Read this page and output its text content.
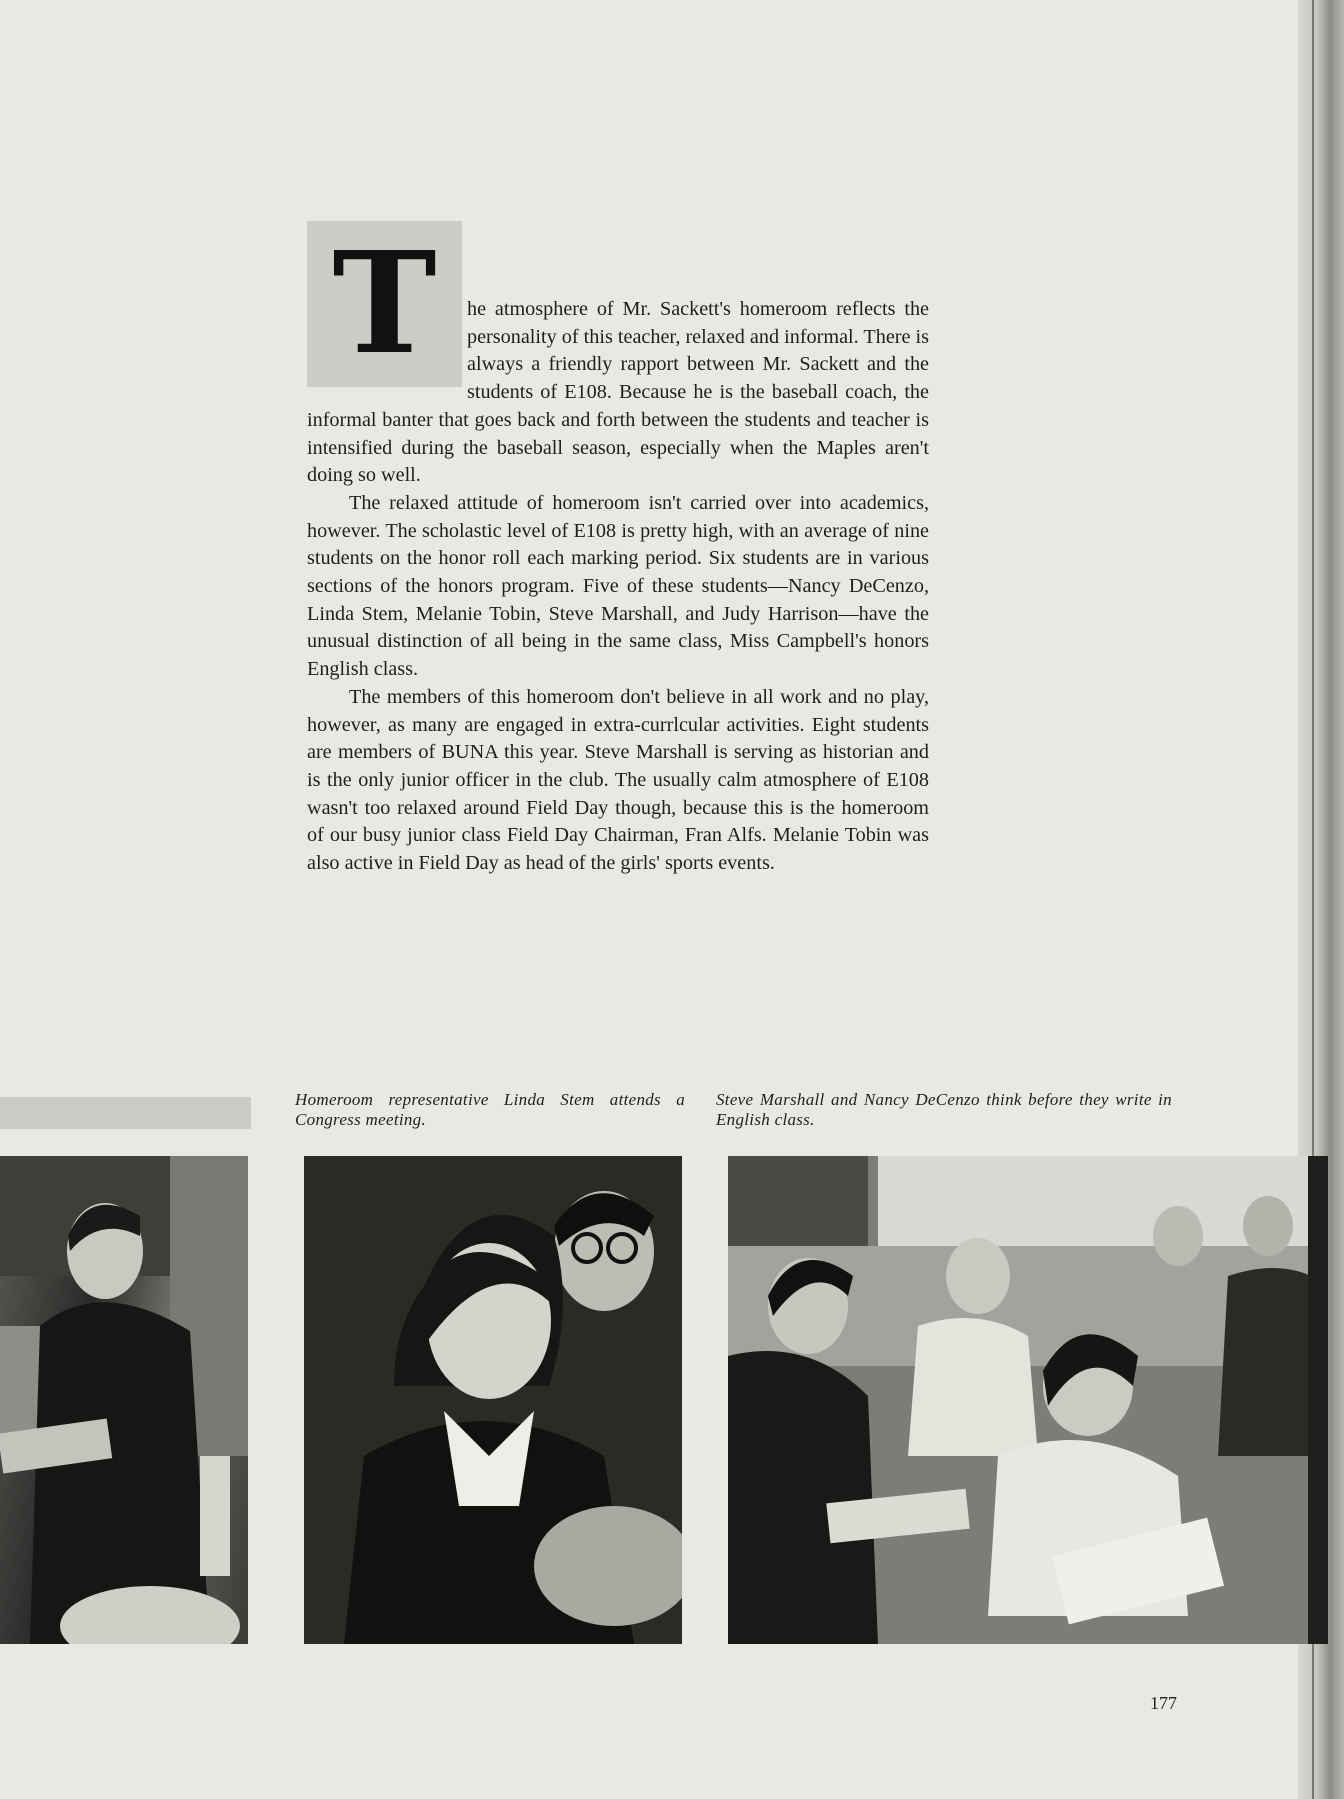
T	he atmosphere of Mr. Sackett's homeroom reflects the personality of this teacher, relaxed and informal. There is always a friendly rapport between Mr. Sackett and the students of E108. Because he is the baseball coach, the informal banter that goes back and forth between the students and teacher is intensified during the baseball season, especially when the Maples aren't doing so well.

The relaxed attitude of homeroom isn't carried over into academics, however. The scholastic level of E108 is pretty high, with an average of nine students on the honor roll each marking period. Six students are in various sections of the honors program. Five of these students—Nancy DeCenzo, Linda Stem, Melanie Tobin, Steve Marshall, and Judy Harrison—have the unusual distinction of all being in the same class, Miss Campbell's honors English class.

The members of this homeroom don't believe in all work and no play, however, as many are engaged in extra-currlcular activities. Eight students are members of BUNA this year. Steve Marshall is serving as historian and is the only junior officer in the club. The usually calm atmosphere of E108 wasn't too relaxed around Field Day though, because this is the homeroom of our busy junior class Field Day Chairman, Fran Alfs. Melanie Tobin was also active in Field Day as head of the girls' sports events.

Homeroom representative Linda Stem attends a Congress meeting.
Steve Marshall and Nancy DeCenzo think before they write in English class.
177
